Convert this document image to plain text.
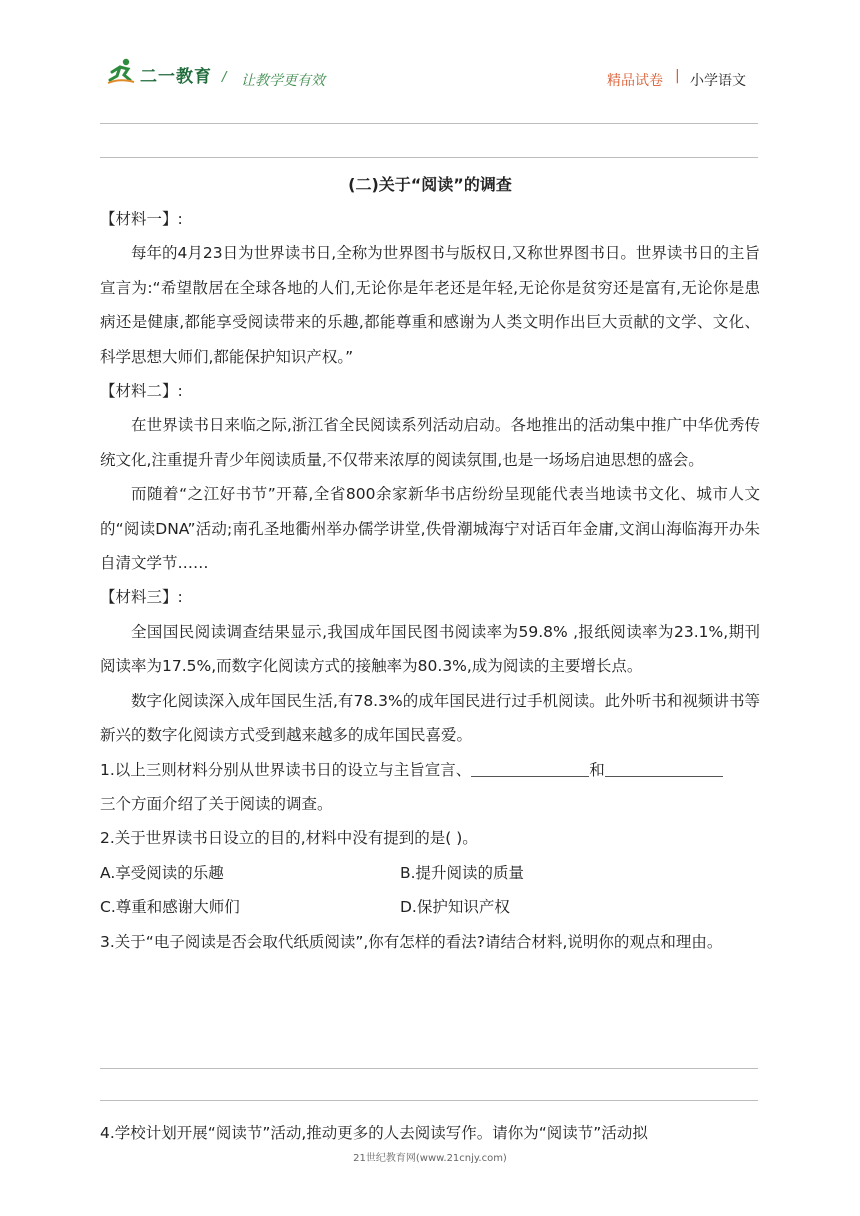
二一教育 / 让教学更有效	精品试卷 | 小学语文

(二)关于“阅读”的调查

【材料一】:

每年的4月23日为世界读书日,全称为世界图书与版权日,又称世界图书日。世界读书日的主旨宣言为:“希望散居在全球各地的人们,无论你是年老还是年轻,无论你是贫穷还是富有,无论你是患病还是健康,都能享受阅读带来的乐趣,都能尊重和感谢为人类文明作出巨大贡献的文学、文化、科学思想大师们,都能保护知识产权。”

【材料二】:

在世界读书日来临之际,浙江省全民阅读系列活动启动。各地推出的活动集中推广中华优秀传统文化,注重提升青少年阅读质量,不仅带来浓厚的阅读氛围,也是一场场启迪思想的盛会。

而随着“之江好书节”开幕,全省800余家新华书店纷纷呈现能代表当地读书文化、城市人文的“阅读DNA”活动;南孔圣地衢州举办儒学讲堂,佚骨潮城海宁对话百年金庸,文润山海临海开办朱自清文学节……

【材料三】:

全国国民阅读调查结果显示,我国成年国民图书阅读率为59.8% ,报纸阅读率为23.1%,期刊阅读率为17.5%,而数字化阅读方式的接触率为80.3%,成为阅读的主要增长点。

数字化阅读深入成年国民生活,有78.3%的成年国民进行过手机阅读。此外听书和视频讲书等新兴的数字化阅读方式受到越来越多的成年国民喜爱。

1.以上三则材料分别从世界读书日的设立与主旨宣言、	和
三个方面介绍了关于阅读的调查。

2.关于世界读书日设立的目的,材料中没有提到的是( )。

A.享受阅读的乐趣	B.提升阅读的质量
C.尊重和感谢大师们	D.保护知识产权

3.关于“电子阅读是否会取代纸质阅读”,你有怎样的看法?请结合材料,说明你的观点和理由。

4.学校计划开展“阅读节”活动,推动更多的人去阅读写作。请你为“阅读节”活动拟
21世纪教育网(www.21cnjy.com)
